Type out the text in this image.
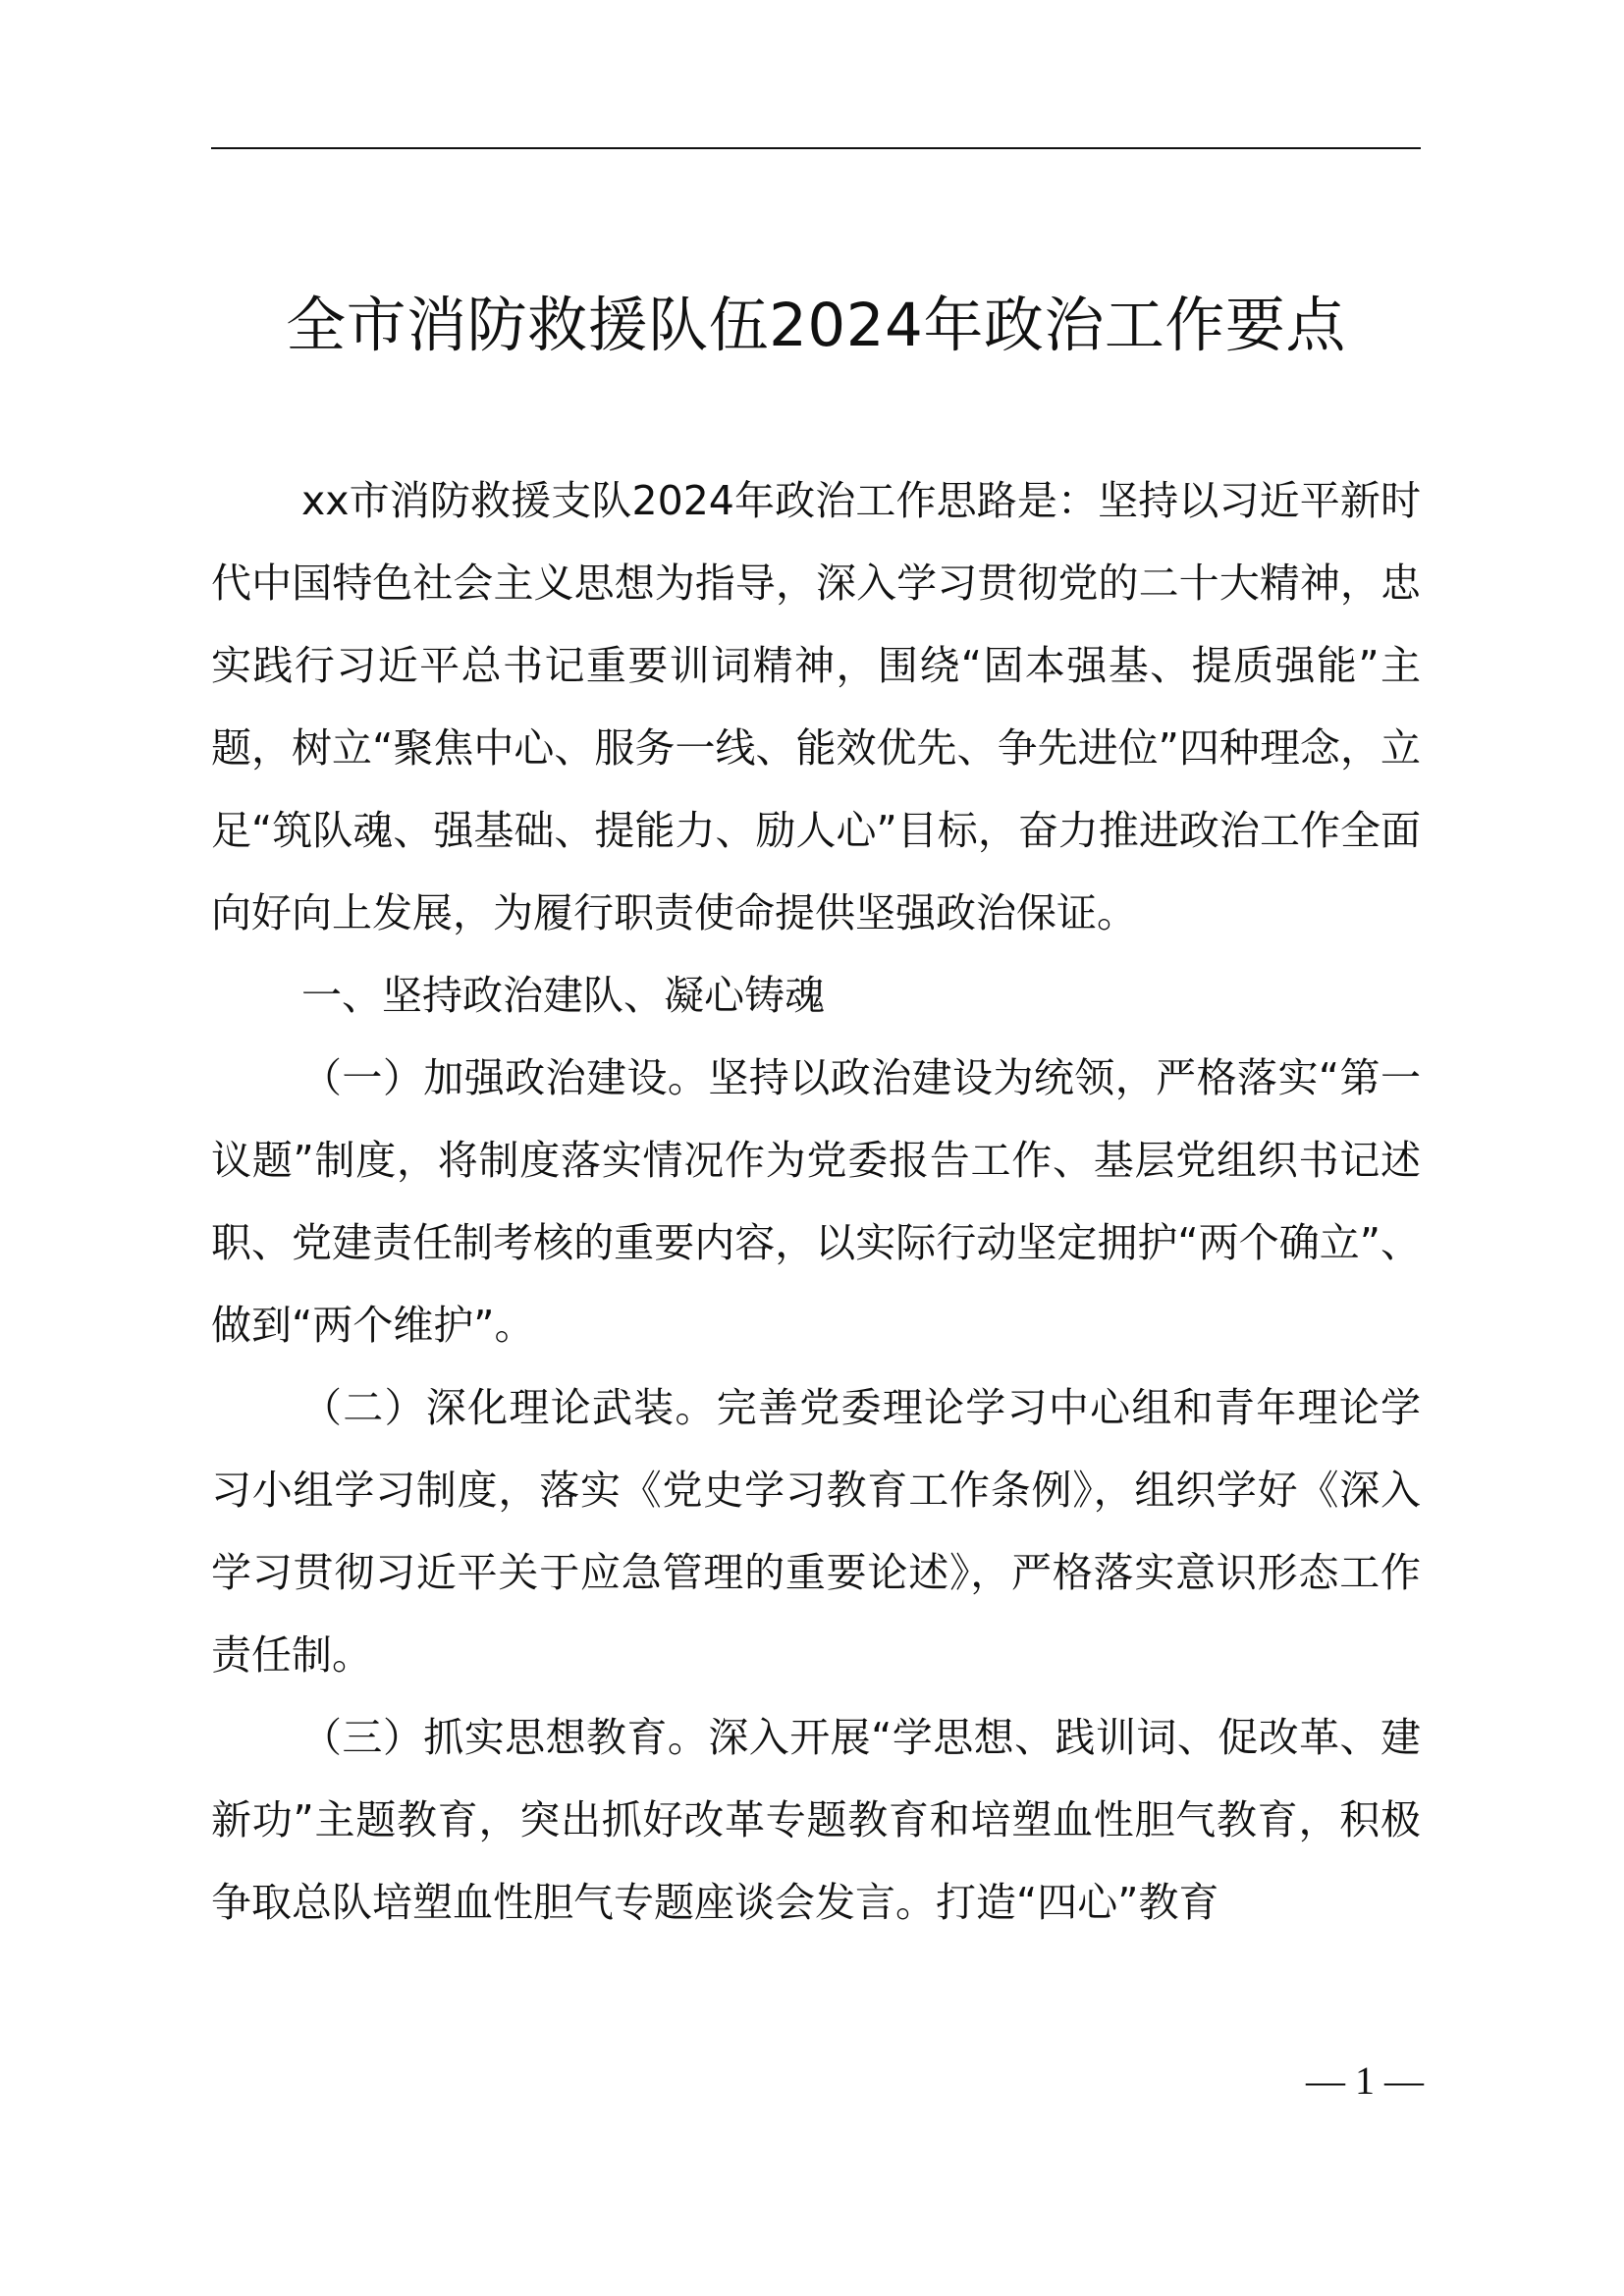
全市消防救援队伍2024年政治工作要点

xx市消防救援支队2024年政治工作思路是：坚持以习近平新时代中国特色社会主义思想为指导，深入学习贯彻党的二十大精神，忠实践行习近平总书记重要训词精神，围绕“固本强基、提质强能”主题，树立“聚焦中心、服务一线、能效优先、争先进位”四种理念，立足“筑队魂、强基础、提能力、励人心”目标，奋力推进政治工作全面向好向上发展，为履行职责使命提供坚强政治保证。

一、坚持政治建队、凝心铸魂

（一）加强政治建设。坚持以政治建设为统领，严格落实“第一议题”制度，将制度落实情况作为党委报告工作、基层党组织书记述职、党建责任制考核的重要内容，以实际行动坚定拥护“两个确立”、做到“两个维护”。

（二）深化理论武装。完善党委理论学习中心组和青年理论学习小组学习制度，落实《党史学习教育工作条例》，组织学好《深入学习贯彻习近平关于应急管理的重要论述》，严格落实意识形态工作责任制。

（三）抓实思想教育。深入开展“学思想、践训词、促改革、建新功”主题教育，突出抓好改革专题教育和培塑血性胆气教育，积极争取总队培塑血性胆气专题座谈会发言。打造“四心”教育

— 1 —
